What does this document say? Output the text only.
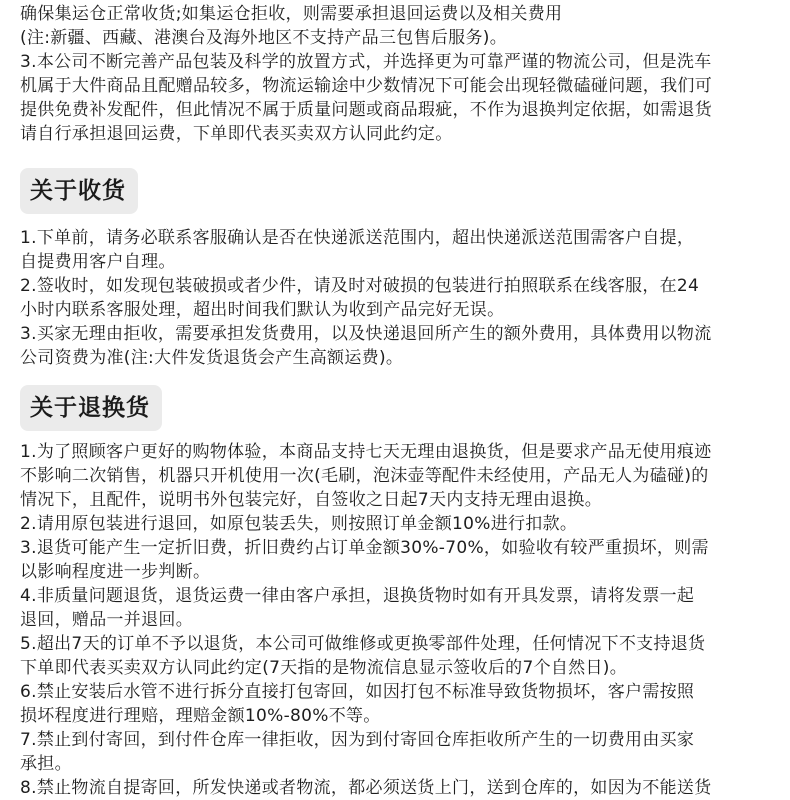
确保集运仓正常收货;如集运仓拒收，则需要承担退回运费以及相关费用
(注:新疆、西藏、港澳台及海外地区不支持产品三包售后服务)。
3.本公司不断完善产品包装及科学的放置方式，并选择更为可靠严谨的物流公司，但是洗车
机属于大件商品且配赠品较多，物流运输途中少数情况下可能会出现轻微磕碰问题，我们可
提供免费补发配件，但此情况不属于质量问题或商品瑕疵，不作为退换判定依据，如需退货
请自行承担退回运费，下单即代表买卖双方认同此约定。
关于收货
1.下单前，请务必联系客服确认是否在快递派送范围内，超出快递派送范围需客户自提，
自提费用客户自理。
2.签收时，如发现包装破损或者少件，请及时对破损的包装进行拍照联系在线客服，在24
小时内联系客服处理，超出时间我们默认为收到产品完好无误。
3.买家无理由拒收，需要承担发货费用，以及快递退回所产生的额外费用，具体费用以物流
公司资费为准(注:大件发货退货会产生高额运费)。
关于退换货
1.为了照顾客户更好的购物体验，本商品支持七天无理由退换货，但是要求产品无使用痕迹
不影响二次销售，机器只开机使用一次(毛刷，泡沫壶等配件未经使用，产品无人为磕碰)的
情况下，且配件，说明书外包装完好，自签收之日起7天内支持无理由退换。
2.请用原包装进行退回，如原包装丢失，则按照订单金额10%进行扣款。
3.退货可能产生一定折旧费，折旧费约占订单金额30%-70%，如验收有较严重损坏，则需
以影响程度进一步判断。
4.非质量问题退货，退货运费一律由客户承担，退换货物时如有开具发票，请将发票一起
退回，赠品一并退回。
5.超出7天的订单不予以退货，本公司可做维修或更换零部件处理，任何情况下不支持退货
下单即代表买卖双方认同此约定(7天指的是物流信息显示签收后的7个自然日)。
6.禁止安装后水管不进行拆分直接打包寄回，如因打包不标准导致货物损坏，客户需按照
损坏程度进行理赔，理赔金额10%-80%不等。
7.禁止到付寄回，到付件仓库一律拒收，因为到付寄回仓库拒收所产生的一切费用由买家
承担。
8.禁止物流自提寄回，所发快递或者物流，都必须送货上门，送到仓库的，如因为不能送货
